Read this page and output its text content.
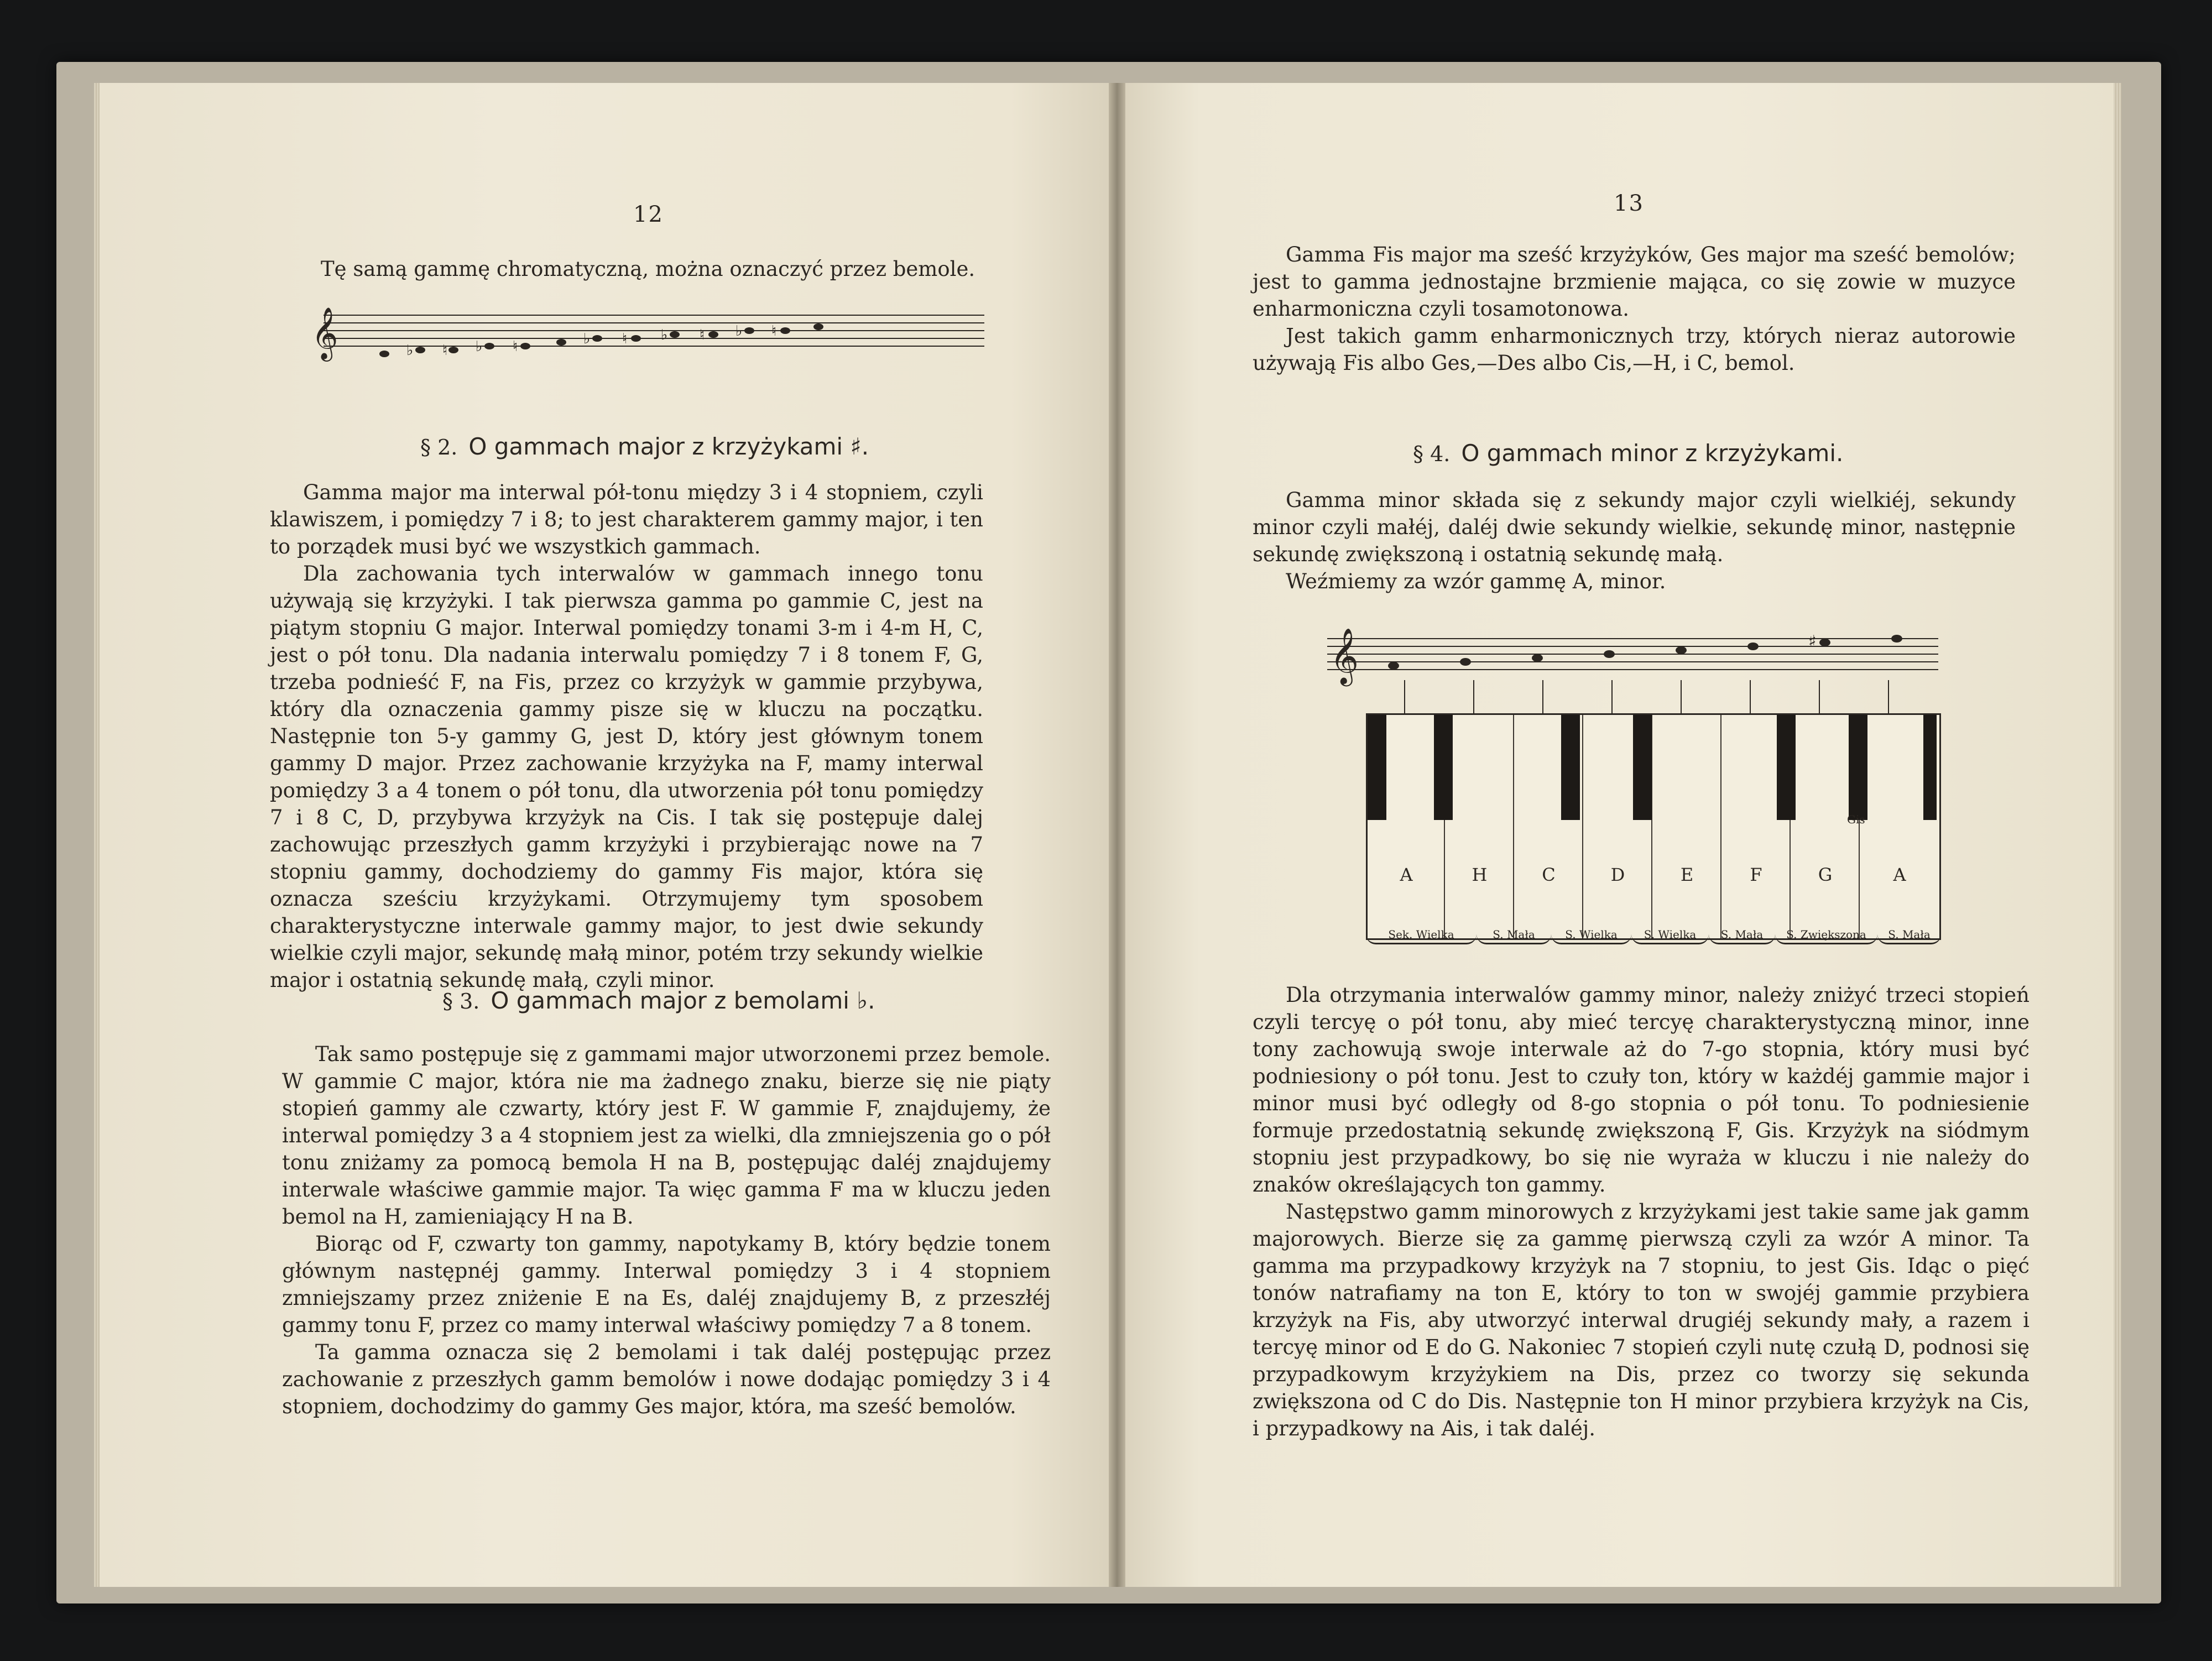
12

Tę samą gammę chromatyczną, można oznaczyć przez bemole.

𝄞	♭ ♮ ♭ ♮	♭ ♮ ♭ ♮ ♭ ♮
§ 2. O gammach major z krzyżykami ♯.

Gamma major ma interwal pół-tonu między 3 i 4 stopniem, czyli klawiszem, i pomiędzy 7 i 8; to jest charakterem gammy major, i ten to porządek musi być we wszystkich gammach.

Dla zachowania tych interwalów w gammach innego tonu używają się krzyżyki. I tak pierwsza gamma po gammie C, jest na piątym stopniu G major. Interwal pomiędzy tonami 3-m i 4-m H, C, jest o pół tonu. Dla nadania interwalu pomiędzy 7 i 8 tonem F, G, trzeba podnieść F, na Fis, przez co krzyżyk w gammie przybywa, który dla oznaczenia gammy pisze się w kluczu na początku. Następnie ton 5-y gammy G, jest D, który jest głównym tonem gammy D major. Przez zachowanie krzyżyka na F, mamy interwal pomiędzy 3 a 4 tonem o pół tonu, dla utworzenia pół tonu pomiędzy 7 i 8 C, D, przybywa krzyżyk na Cis. I tak się postępuje dalej zachowując przeszłych gamm krzyżyki i przybierając nowe na 7 stopniu gammy, dochodziemy do gammy Fis major, która się oznacza sześciu krzyżykami. Otrzymujemy tym sposobem charakterystyczne interwale gammy major, to jest dwie sekundy wielkie czyli major, sekundę małą minor, potém trzy sekundy wielkie major i ostatnią sekundę małą, czyli minor.

§ 3. O gammach major z bemolami ♭.

Tak samo postępuje się z gammami major utworzonemi przez bemole. W gammie C major, która nie ma żadnego znaku, bierze się nie piąty stopień gammy ale czwarty, który jest F. W gammie F, znajdujemy, że interwal pomiędzy 3 a 4 stopniem jest za wielki, dla zmniejszenia go o pół tonu zniżamy za pomocą bemola H na B, postępując daléj znajdujemy interwale właściwe gammie major. Ta więc gamma F ma w kluczu jeden bemol na H, zamieniający H na B.

Biorąc od F, czwarty ton gammy, napotykamy B, który będzie tonem głównym następnéj gammy. Interwal pomiędzy 3 i 4 stopniem zmniejszamy przez zniżenie E na Es, daléj znajdujemy B, z przeszłéj gammy tonu F, przez co mamy interwal właściwy pomiędzy 7 a 8 tonem.

Ta gamma oznacza się 2 bemolami i tak daléj postępując przez zachowanie z przeszłych gamm bemolów i nowe dodając pomiędzy 3 i 4 stopniem, dochodzimy do gammy Ges major, która, ma sześć bemolów.

13

Gamma Fis major ma sześć krzyżyków, Ges major ma sześć bemolów; jest to gamma jednostajne brzmienie mająca, co się zowie w muzyce enharmoniczna czyli tosamotonowa.

Jest takich gamm enharmonicznych trzy, których nieraz autorowie używają Fis albo Ges,—Des albo Cis,—H, i C, bemol.

§ 4. O gammach minor z krzyżykami.

Gamma minor składa się z sekundy major czyli wielkiéj, sekundy minor czyli małéj, daléj dwie sekundy wielkie, sekundę minor, następnie sekundę zwiększoną i ostatnią sekundę małą.

Weźmiemy za wzór gammę A, minor.

𝄞	♯
A	H	C	D	E	F	G	A
Gis
Sek. Wielka	S. Mała	S. Wielka	S. Wielka	S. Mała	S. Zwiększona	S. Mała

Dla otrzymania interwalów gammy minor, należy zniżyć trzeci stopień czyli tercyę o pół tonu, aby mieć tercyę charakterystyczną minor, inne tony zachowują swoje interwale aż do 7-go stopnia, który musi być podniesiony o pół tonu. Jest to czuły ton, który w każdéj gammie major i minor musi być odległy od 8-go stopnia o pół tonu. To podniesienie formuje przedostatnią sekundę zwiększoną F, Gis. Krzyżyk na siódmym stopniu jest przypadkowy, bo się nie wyraża w kluczu i nie należy do znaków określających ton gammy.

Następstwo gamm minorowych z krzyżykami jest takie same jak gamm majorowych. Bierze się za gammę pierwszą czyli za wzór A minor. Ta gamma ma przypadkowy krzyżyk na 7 stopniu, to jest Gis. Idąc o pięć tonów natrafiamy na ton E, który to ton w swojéj gammie przybiera krzyżyk na Fis, aby utworzyć interwal drugiéj sekundy mały, a razem i tercyę minor od E do G. Nakoniec 7 stopień czyli nutę czułą D, podnosi się przypadkowym krzyżykiem na Dis, przez co tworzy się sekunda zwiększona od C do Dis. Następnie ton H minor przybiera krzyżyk na Cis, i przypadkowy na Ais, i tak daléj.
